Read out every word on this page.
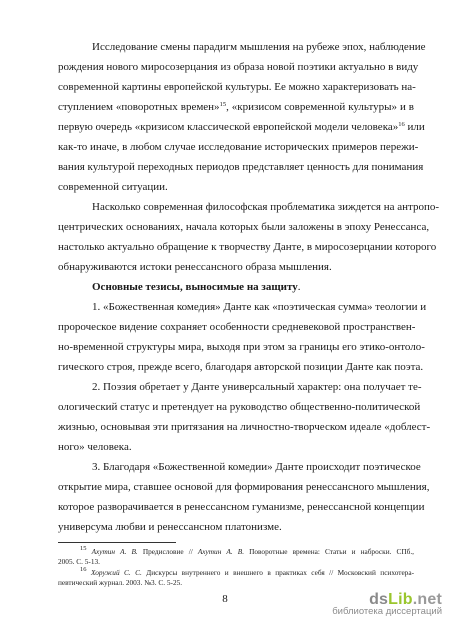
Исследование смены парадигм мышления на рубеже эпох, наблюдение
рождения нового миросозерцания из образа новой поэтики актуально в виду
современной картины европейской культуры. Ее можно характеризовать на-
ступлением «поворотных времен»$^{15}$, «кризисом современной культуры» и в
первую очередь «кризисом классической европейской модели человека»$^{16}$ или
как-то иначе, в любом случае исследование исторических примеров пережи-
вания культурой переходных периодов представляет ценность для понимания
современной ситуации.
Насколько современная философская проблематика зиждется на антропо-
центрических основаниях, начала которых были заложены в эпоху Ренессанса,
настолько актуально обращение к творчеству Данте, в миросозерцании которого
обнаруживаются истоки ренессансного образа мышления.
Основные тезисы, выносимые на защиту.
1. «Божественная комедия» Данте как «поэтическая сумма» теологии и
пророческое видение сохраняет особенности средневековой пространствен-
но-временной структуры мира, выходя при этом за границы его этико-онтоло-
гического строя, прежде всего, благодаря авторской позиции Данте как поэта.
2. Поэзия обретает у Данте универсальный характер: она получает те-
ологический статус и претендует на руководство общественно-политической
жизнью, основывая эти притязания на личностно-творческом идеале «доблест-
ного» человека.
3. Благодаря «Божественной комедии» Данте происходит поэтическое
открытие мира, ставшее основой для формирования ренессансного мышления,
которое разворачивается в ренессансном гуманизме, ренессансной концепции
универсума любви и ренессансном платонизме.
$^{15}$ Ахутин А. В. Предисловие // Ахутин А. В. Поворотные времена: Статьи и наброски. СПб.,
2005. С. 5-13.
$^{16}$ Хоружий С. С. Дискурсы внутреннего и внешнего в практиках себя // Московский психотера-
певтический журнал. 2003. №3. С. 5-25.
8	dsLib.net
библиотека диссертаций
